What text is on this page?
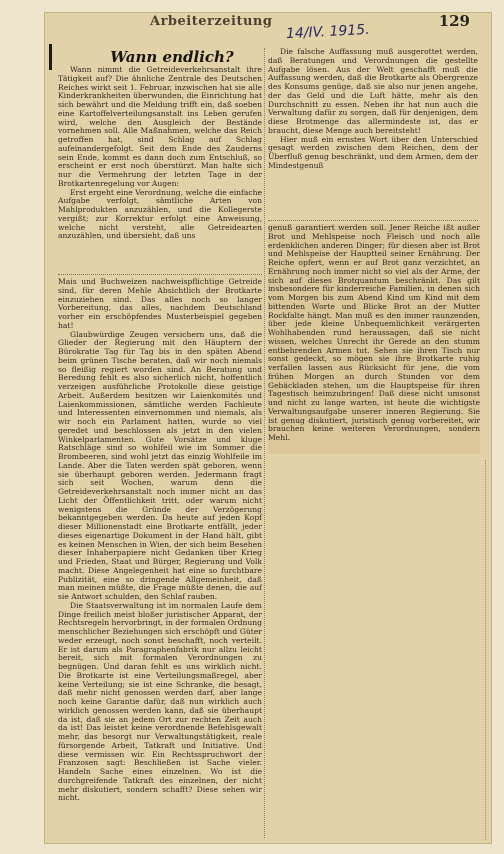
Arbeiterzeitung	129
14/IV. 1915.
Wann endlich?

Wann nimmt die Getreideverkehrsanstalt ihre Tätigkeit auf? Die ähnliche Zentrale des Deutschen Reiches wirkt seit 1. Februar, inzwischen hat sie alle Kinderkrankheiten überwunden, die Einrichtung hat sich bewährt und die Meldung trifft ein, daß soeben eine Kartoffelverteilungsanstalt ins Leben gerufen wird, welche den Ausgleich der Bestände vornehmen soll. Alle Maßnahmen, welche das Reich getroffen hat, sind Schlag auf Schlag aufeinandergefolgt. Seit dem Ende des Zauderns sein Ende, kommt es dann doch zum Entschluß, so erscheint er erst noch überstürzt. Man halte sich nur die Vermehrung der letzten Tage in der Brotkartenregelung vor Augen:

Erst ergeht eine Verordnung, welche die einfache Aufgabe verfolgt, sämtliche Arten von Mahlprodukten anzuzählen, und die Kollegerste vergißt; zur Korrektur erfolgt eine Anweisung, welche nicht versteht, alle Getreidearten anzuzählen, und übersieht, daß uns

Mais und Buchweizen nachweispflichtige Getreide sind, für deren Mehle Absichtlich der Brotkarte einzuziehen sind. Das alles noch so langer Vorbereitung, das alles, nachdem Deutschland vorher ein erschöpfendes Musterbeispiel gegeben hat!

Glaubwürdige Zeugen versichern uns, daß die Glieder der Regierung mit den Häuptern der Bürokratie Tag für Tag bis in den späten Abend beim grünen Tische beraten, daß wir noch niemals so fleißig regiert worden sind. An Beratung und Beredung fehlt es also sicherlich nicht, hoffentlich verzeigen ausführliche Protokolle diese geistige Arbeit. Außerdem besitzen wir Laienkomités und Laienkommissionen, sämtliche werden Fachleute und Interessenten einvernommen und niemals, als wir noch ein Parlament hatten, wurde so viel geredet und beschlossen als jetzt in den vielen Winkelparlamenten. Gute Vorsätze und kluge Ratschläge sind so wohlfeil wie im Sommer die Brombeeren, sind wohl jetzt das einzig Wohlfeile im Lande. Aber die Taten werden spät geboren, wenn sie überhaupt geboren werden. Jedermann fragt sich seit Wochen, warum denn die Getreideverkehrsanstalt noch immer nicht an das Licht der Öffentlichkeit tritt, oder warum nicht wenigstens die Gründe der Verzögerung bekanntgegeben werden. Da heute auf jeden Kopf dieser Millionenstadt eine Brotkarte entfällt, jeder dieses eigenartige Dokument in der Hand hält, gibt es keinen Menschen in Wien, der sich beim Besehen dieser Inhaberpapiere nicht Gedanken über Krieg und Frieden, Staat und Bürger, Regierung und Volk macht. Diese Angelegenheit hat eine so furchtbare Publizität, eine so dringende Allgemeinheit, daß man meinen müßte, die Frage müßte denen, die auf sie Antwort schulden, den Schlaf rauben.

Die Staatsverwaltung ist im normalen Laufe dem Dinge freilich meist bloßer juristischer Apparat, der Rechtsregeln hervorbringt, in der formalen Ordnung menschlicher Beziehungen sich erschöpft und Güter weder erzeugt, noch sonst beschafft, noch verteilt. Er ist darum als Paragraphenfabrik nur allzu leicht bereit, sich mit formalen Verordnungen zu begnügen. Und daran fehlt es uns wirklich nicht. Die Brotkarte ist eine Verteilungsmaßregel, aber keine Verteilung; sie ist eine Schranke, die besagt, daß mehr nicht genossen werden darf, aber lange noch keine Garantie dafür, daß nun wirklich auch wirklich genossen werden kann, daß sie überhaupt da ist, daß sie an jedem Ort zur rechten Zeit auch da ist! Das leistet keine verordnende Befehlsgewalt mehr, das besorgt nur Verwaltungstätigkeit, reale fürsorgende Arbeit, Tatkraft und Initiative. Und diese vermissen wir. Ein Rechtsspruchwort der Franzosen sagt: Beschließen ist Sache vieler. Handeln Sache eines einzelnen. Wo ist die durchgreifende Tatkraft des einzelnen, der nicht mehr diskutiert, sondern schafft? Diese sehen wir nicht.

Die falsche Auffassung muß ausgerottet werden, daß Beratungen und Verordnungen die gestellte Aufgabe lösen. Aus der Welt geschafft muß die Auffassung werden, daß die Brotkarte als Obergrenze des Konsums genüge, daß sie also nur jenen angehe, der das Geld und die Luft hätte, mehr als den Durchschnitt zu essen. Neben ihr hat nun auch die Verwaltung dafür zu sorgen, daß für denjenigen, dem diese Brotmenge das allermindeste ist, das er braucht, diese Menge auch bereitsteht!

Hier muß ein ernstes Wort über den Unterschied gesagt werden zwischen dem Reichen, dem der Überfluß genug beschränkt, und dem Armen, dem der Mindestgenuß

genuß garantiert werden soll. Jener Reiche ißt außer Brot und Mehlspeise noch Fleisch und noch alle erdenklichen anderen Dinger; für diesen aber ist Brot und Mehlspeise der Hauptteil seiner Ernährung. Der Reiche opfert, wenn er auf Brot ganz verzichtet, an Ernährung noch immer nicht so viel als der Arme, der sich auf dieses Brotquantum beschränkt. Das gilt insbesondere für kinderreiche Familien, in denen sich vom Morgen bis zum Abend Kind um Kind mit dem bittenden Worte und Blicke Brot an der Mutter Rockfalte hängt. Man muß es den immer raunzenden, über jede kleine Unbequemlichkeit verärgerten Wohlhabenden rund heraussagen, daß sie nicht wissen, welches Unrecht ihr Gerede an den stumm entbehrenden Armen tut. Sehen sie ihren Tisch nur sonst gedeckt, so mögen sie ihre Brotkarte ruhig verfallen lassen aus Rücksicht für jene, die vom frühen Morgen an durch Stunden vor dem Gebäckladen stehen, um die Hauptspeise für ihren Tagestisch heimzubringen! Daß diese nicht umsonst und nicht zu lange warten, ist heute die wichtigste Verwaltungsaufgabe unserer inneren Regierung. Sie ist genug diskutiert, juristisch genug vorbereitet, wir brauchen keine weiteren Verordnungen, sondern Mehl.
